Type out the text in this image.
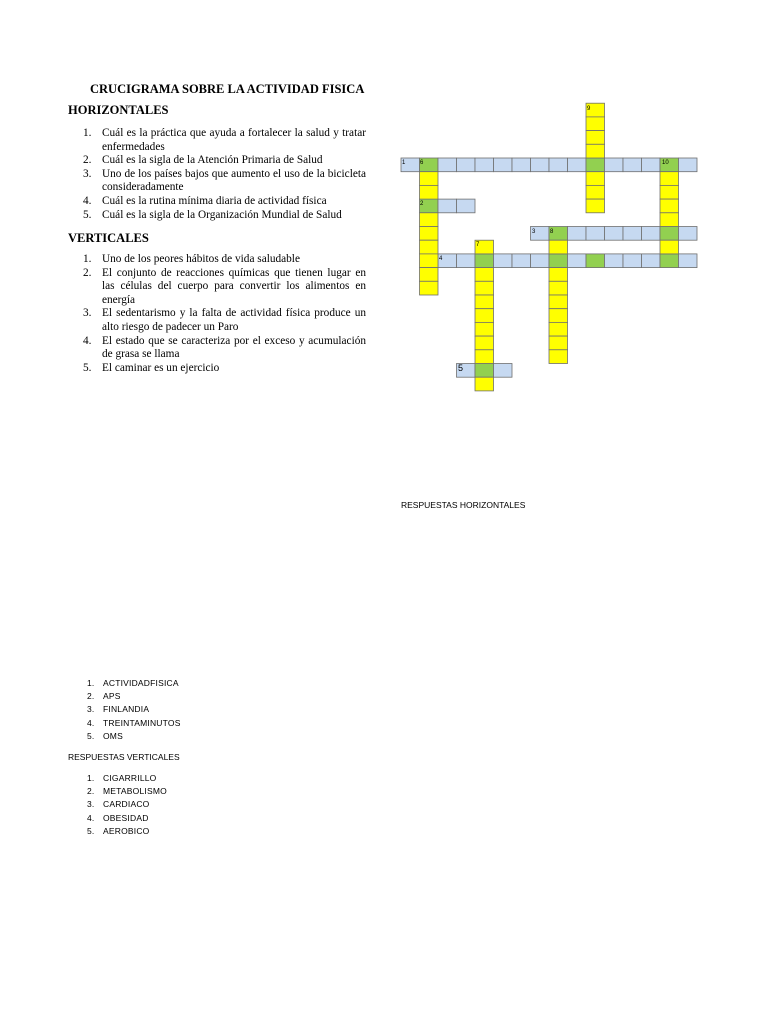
CRUCIGRAMA SOBRE LA ACTIVIDAD FISICA
HORIZONTALES
1. Cuál es la práctica que ayuda a fortalecer la salud y tratar enfermedades
2. Cuál es la sigla de la Atención Primaria de Salud
3. Uno de los países bajos que aumento el uso de la bicicleta consideradamente
4. Cuál es la rutina mínima diaria de actividad física
5. Cuál es la sigla de la Organización Mundial de Salud
VERTICALES
1. Uno de los peores hábitos de vida saludable
2. El conjunto de reacciones químicas que tienen lugar en las células del cuerpo para convertir los alimentos en energía
3. El sedentarismo y la falta de actividad física produce un alto riesgo de padecer un Paro
4. El estado que se caracteriza por el exceso y acumulación de grasa se llama
5. El caminar es un ejercicio
1 6	10
9
2
3 8
7
4
5
RESPUESTAS HORIZONTALES
1. ACTIVIDADFISICA
2. APS
3. FINLANDIA
4. TREINTAMINUTOS
5. OMS
RESPUESTAS VERTICALES
1. CIGARRILLO
2. METABOLISMO
3. CARDIACO
4. OBESIDAD
5. AEROBICO
